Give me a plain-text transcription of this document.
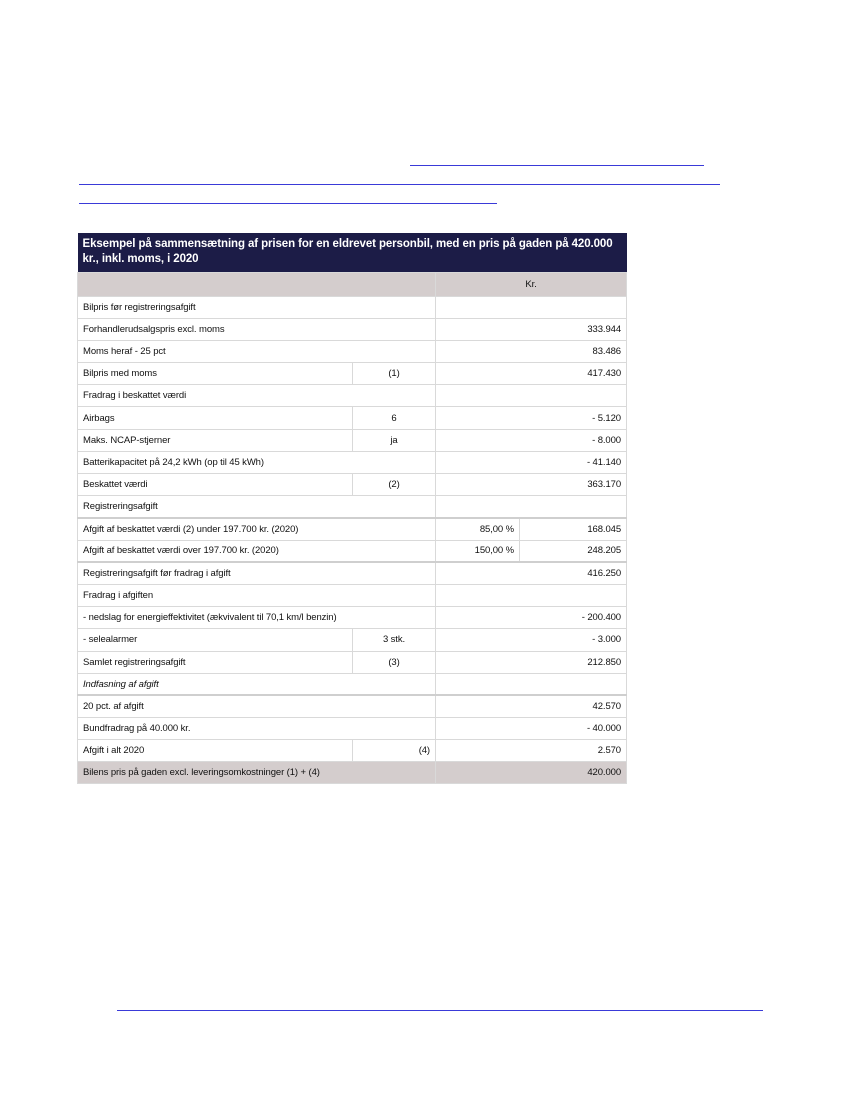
Eksempel på sammensætning af prisen for en eldrevet personbil, med en pris på gaden på 420.000 kr., inkl. moms, i 2020			
		Kr.	
Bilpris før registreringsafgift			
Forhandlerudsalgspris excl. moms		333.944	
Moms heraf - 25 pct		83.486	
Bilpris med moms	(1)	417.430	
Fradrag i beskattet værdi			
Airbags	6	- 5.120	
Maks. NCAP-stjerner	ja	- 8.000	
Batterikapacitet på 24,2 kWh (op til 45 kWh)		- 41.140	
Beskattet værdi	(2)	363.170	
Registreringsafgift			
Afgift af beskattet værdi (2) under 197.700 kr. (2020)		85,00 %	168.045
Afgift af beskattet værdi over 197.700 kr. (2020)		150,00 %	248.205
Registreringsafgift før fradrag i afgift		416.250	
Fradrag i afgiften			
- nedslag for energieffektivitet (ækvivalent til 70,1 km/l benzin)		- 200.400	
- selealarmer	3 stk.	- 3.000	
Samlet registreringsafgift	(3)	212.850	
Indfasning af afgift			
20 pct. af afgift		42.570	
Bundfradrag på 40.000 kr.		- 40.000	
Afgift i alt 2020	(4)	2.570	
Bilens pris på gaden excl. leveringsomkostninger (1) + (4)		420.000	
